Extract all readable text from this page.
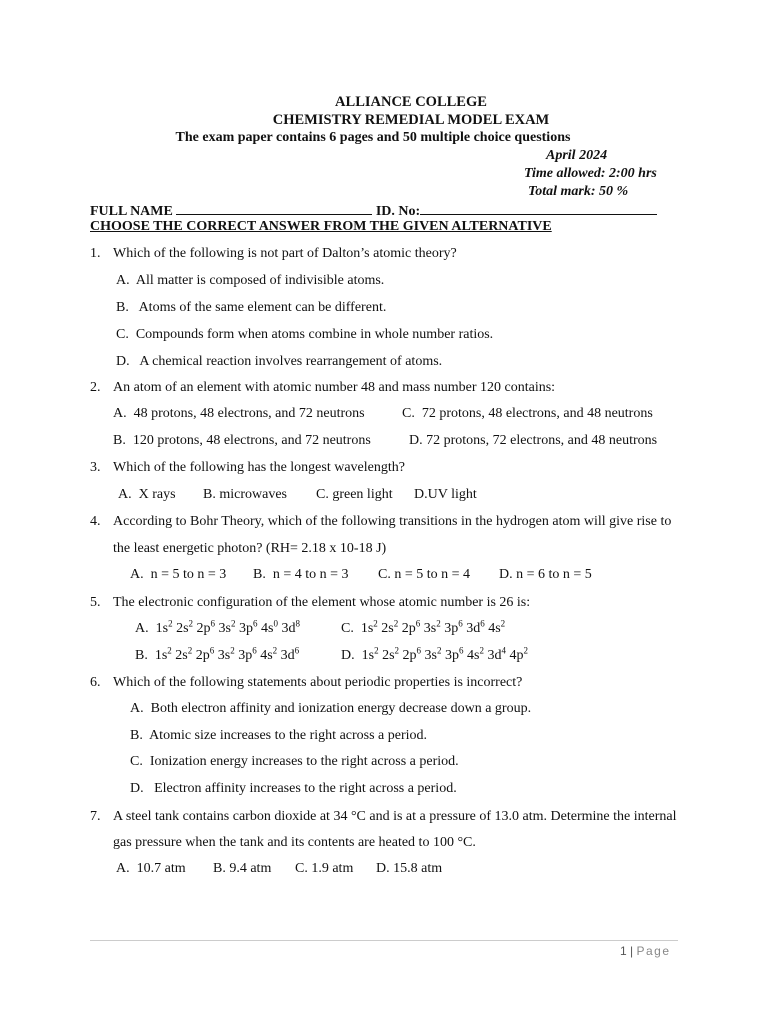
ALLIANCE COLLEGE
CHEMISTRY REMEDIAL MODEL EXAM
The exam paper contains 6 pages and 50 multiple choice questions
April 2024
Time allowed: 2:00 hrs
Total mark: 50 %
FULL NAME	ID. No:
CHOOSE THE CORRECT ANSWER FROM THE GIVEN ALTERNATIVE
1. Which of the following is not part of Dalton’s atomic theory?
A.  All matter is composed of indivisible atoms.
B.   Atoms of the same element can be different.
C.  Compounds form when atoms combine in whole number ratios.
D.   A chemical reaction involves rearrangement of atoms.
2. An atom of an element with atomic number 48 and mass number 120 contains:
A.  48 protons, 48 electrons, and 72 neutrons	C.  72 protons, 48 electrons, and 48 neutrons
B.  120 protons, 48 electrons, and 72 neutrons	D. 72 protons, 72 electrons, and 48 neutrons
3. Which of the following has the longest wavelength?
A.  X rays B. microwaves C. green light D.UV light
4. According to Bohr Theory, which of the following transitions in the hydrogen atom will give rise to
the least energetic photon? (RH= 2.18 x 10-18 J)
A.  n = 5 to n = 3 B.  n = 4 to n = 3 C. n = 5 to n = 4 D. n = 6 to n = 5
5. The electronic configuration of the element whose atomic number is 26 is:
A.  $1s^2$ $2s^2$ $2p^6$ $3s^2$ $3p^6$ $4s^0$ $3d^8$	C.  $1s^2$ $2s^2$ $2p^6$ $3s^2$ $3p^6$ $3d^6$ $4s^2$
B.  $1s^2$ $2s^2$ $2p^6$ $3s^2$ $3p^6$ $4s^2$ $3d^6$	D.  $1s^2$ $2s^2$ $2p^6$ $3s^2$ $3p^6$ $4s^2$ $3d^4$ $4p^2$
6. Which of the following statements about periodic properties is incorrect?
A.  Both electron affinity and ionization energy decrease down a group.
B.  Atomic size increases to the right across a period.
C.  Ionization energy increases to the right across a period.
D.   Electron affinity increases to the right across a period.
7. A steel tank contains carbon dioxide at 34 °C and is at a pressure of 13.0 atm. Determine the internal
gas pressure when the tank and its contents are heated to 100 °C.
A.  10.7 atm B. 9.4 atm C. 1.9 atm D. 15.8 atm
1 | Page
